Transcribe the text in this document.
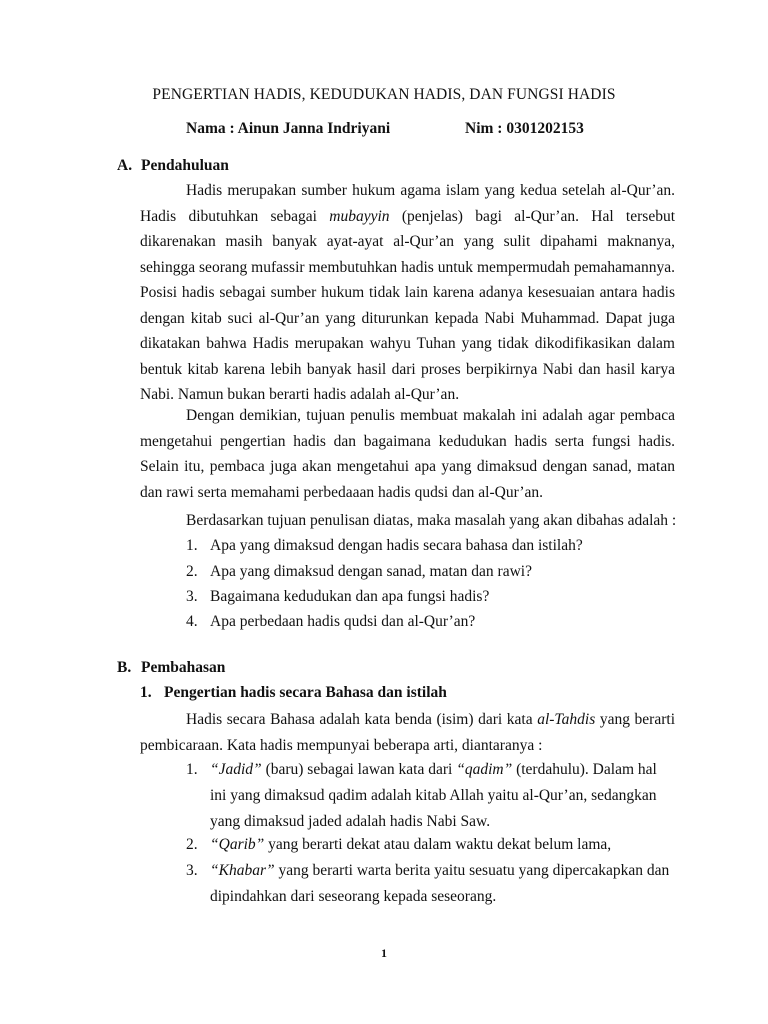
PENGERTIAN HADIS, KEDUDUKAN HADIS, DAN FUNGSI HADIS
Nama : Ainun Janna Indriyani	Nim : 0301202153
A. Pendahuluan
Hadis merupakan sumber hukum agama islam yang kedua setelah al-Qur’an. Hadis dibutuhkan sebagai mubayyin (penjelas) bagi al-Qur’an. Hal tersebut dikarenakan masih banyak ayat-ayat al-Qur’an yang sulit dipahami maknanya, sehingga seorang mufassir membutuhkan hadis untuk mempermudah pemahamannya. Posisi hadis sebagai sumber hukum tidak lain karena adanya kesesuaian antara hadis dengan kitab suci al-Qur’an yang diturunkan kepada Nabi Muhammad. Dapat juga dikatakan bahwa Hadis merupakan wahyu Tuhan yang tidak dikodifikasikan dalam bentuk kitab karena lebih banyak hasil dari proses berpikirnya Nabi dan hasil karya Nabi. Namun bukan berarti hadis adalah al-Qur’an.
Dengan demikian, tujuan penulis membuat makalah ini adalah agar pembaca mengetahui pengertian hadis dan bagaimana kedudukan hadis serta fungsi hadis. Selain itu, pembaca juga akan mengetahui apa yang dimaksud dengan sanad, matan dan rawi serta memahami perbedaaan hadis qudsi dan al-Qur’an.
Berdasarkan tujuan penulisan diatas, maka masalah yang akan dibahas adalah :
1. Apa yang dimaksud dengan hadis secara bahasa dan istilah?
2. Apa yang dimaksud dengan sanad, matan dan rawi?
3. Bagaimana kedudukan dan apa fungsi hadis?
4. Apa perbedaan hadis qudsi dan al-Qur’an?
B. Pembahasan
1. Pengertian hadis secara Bahasa dan istilah
Hadis secara Bahasa adalah kata benda (isim) dari kata al-Tahdis yang berarti pembicaraan. Kata hadis mempunyai beberapa arti, diantaranya :
1. “Jadid” (baru) sebagai lawan kata dari “qadim” (terdahulu). Dalam hal ini yang dimaksud qadim adalah kitab Allah yaitu al-Qur’an, sedangkan yang dimaksud jaded adalah hadis Nabi Saw.
2. “Qarib” yang berarti dekat atau dalam waktu dekat belum lama,
3. “Khabar” yang berarti warta berita yaitu sesuatu yang dipercakapkan dan dipindahkan dari seseorang kepada seseorang.
1
